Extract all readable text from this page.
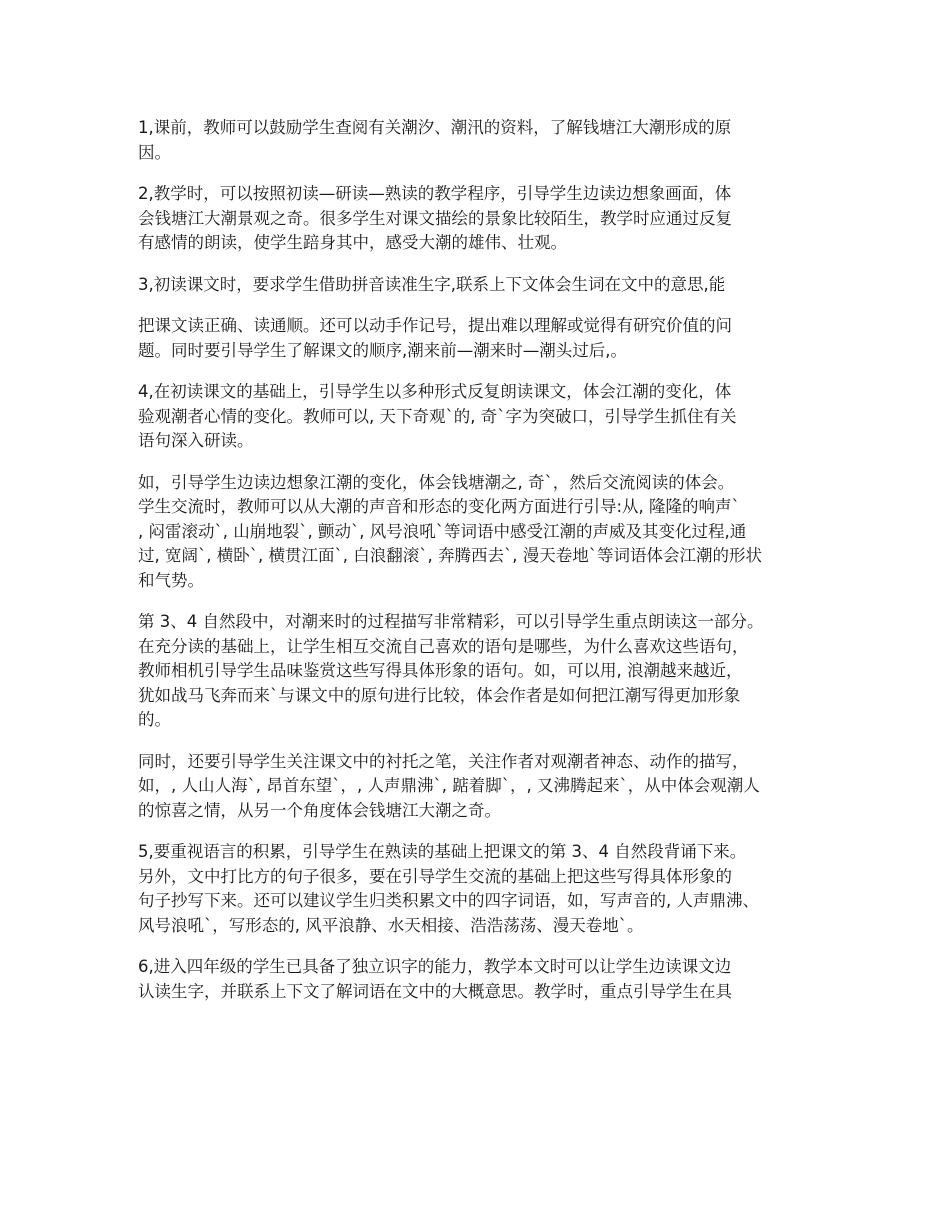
1,课前，教师可以鼓励学生查阅有关潮汐、潮汛的资料，了解钱塘江大潮形成的原
因。
2,教学时，可以按照初读—研读—熟读的教学程序，引导学生边读边想象画面，体
会钱塘江大潮景观之奇。很多学生对课文描绘的景象比较陌生，教学时应通过反复
有感情的朗读，使学生踣身其中，感受大潮的雄伟、壮观。
3,初读课文时，要求学生借助拼音读准生字,联系上下文体会生词在文中的意思,能
把课文读正确、读通顺。还可以动手作记号，提出难以理解或觉得有研究价值的问
题。同时要引导学生了解课文的顺序,潮来前—潮来时—潮头过后,。
4,在初读课文的基础上，引导学生以多种形式反复朗读课文，体会江潮的变化，体
验观潮者心情的变化。教师可以, 天下奇观`的, 奇`字为突破口，引导学生抓住有关
语句深入研读。
如，引导学生边读边想象江潮的变化，体会钱塘潮之, 奇`，然后交流阅读的体会。
学生交流时，教师可以从大潮的声音和形态的变化两方面进行引导:从, 隆隆的响声`
, 闷雷滚动`, 山崩地裂`, 颤动`, 风号浪吼`等词语中感受江潮的声威及其变化过程,通
过, 宽阔`, 横卧`, 横贯江面`, 白浪翻滚`, 奔腾西去`, 漫天卷地`等词语体会江潮的形状
和气势。
第 3、4 自然段中，对潮来时的过程描写非常精彩，可以引导学生重点朗读这一部分。
在充分读的基础上，让学生相互交流自己喜欢的语句是哪些，为什么喜欢这些语句，
教师相机引导学生品味鉴赏这些写得具体形象的语句。如，可以用, 浪潮越来越近，
犹如战马飞奔而来`与课文中的原句进行比较，体会作者是如何把江潮写得更加形象
的。
同时，还要引导学生关注课文中的衬托之笔，关注作者对观潮者神态、动作的描写，
如，, 人山人海`, 昂首东望`，, 人声鼎沸`, 踮着脚`，, 又沸腾起来`，从中体会观潮人
的惊喜之情，从另一个角度体会钱塘江大潮之奇。
5,要重视语言的积累，引导学生在熟读的基础上把课文的第 3、4 自然段背诵下来。
另外，文中打比方的句子很多，要在引导学生交流的基础上把这些写得具体形象的
句子抄写下来。还可以建议学生归类积累文中的四字词语，如，写声音的, 人声鼎沸、
风号浪吼`，写形态的, 风平浪静、水天相接、浩浩荡荡、漫天卷地`。
6,进入四年级的学生已具备了独立识字的能力，教学本文时可以让学生边读课文边
认读生字，并联系上下文了解词语在文中的大概意思。教学时，重点引导学生在具
